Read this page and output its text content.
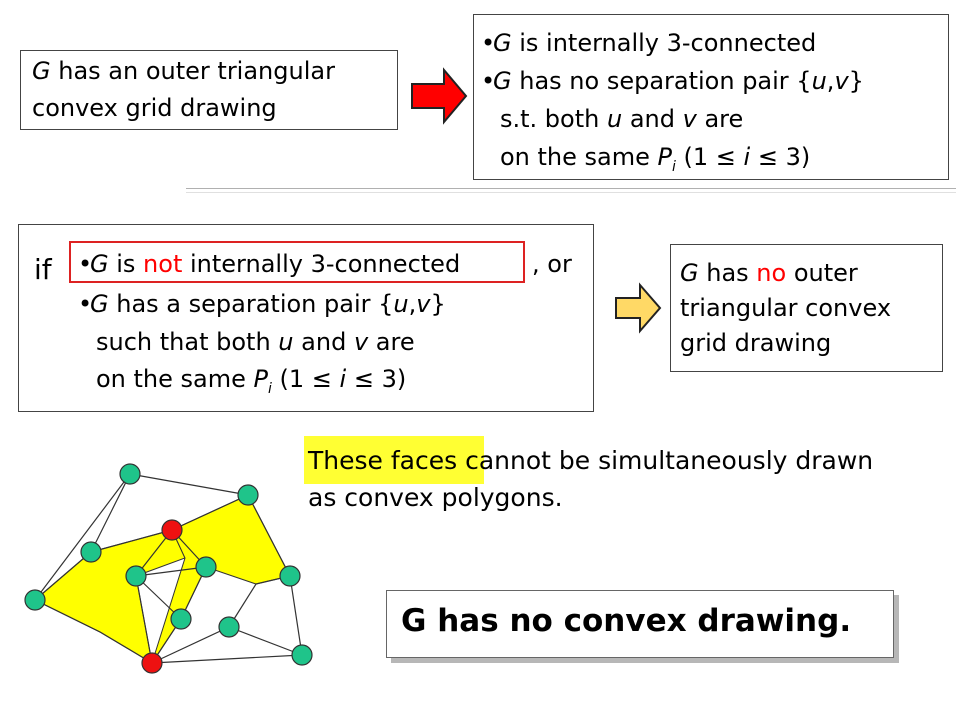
G has an outer triangular
convex grid drawing
•G is internally 3-connected
•G has no separation pair {u,v}
s.t. both u and v are
on the same $P_i$ (1 ≤ i ≤ 3)
if •G is not internally 3-connected	, or
•G has a separation pair {u,v}
such that both u and v are
on the same $P_i$ (1 ≤ i ≤ 3)
G has no outer
triangular convex
grid drawing
These faces cannot be simultaneously drawn
as convex polygons.
G has no convex drawing.
